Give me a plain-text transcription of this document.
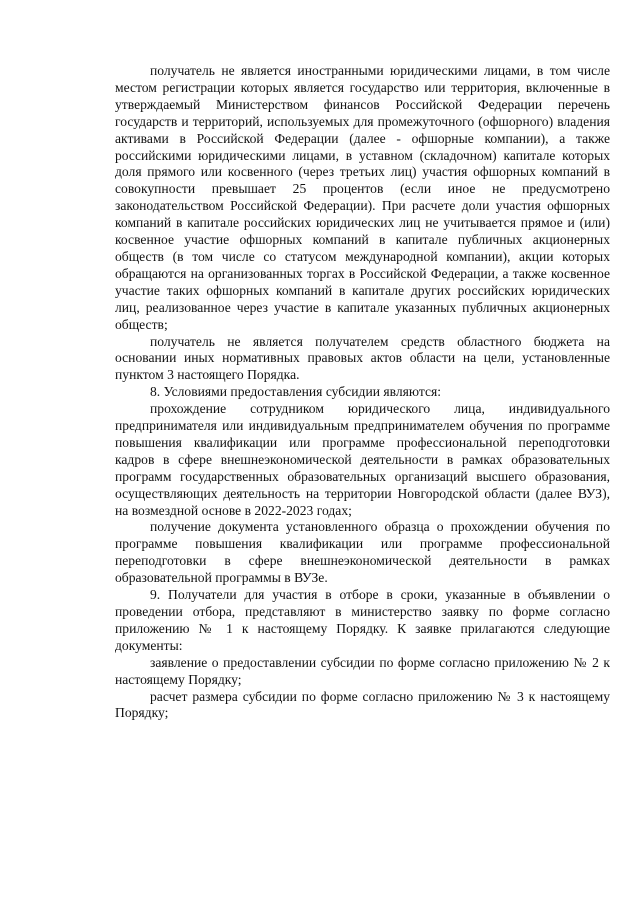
получатель не является иностранными юридическими лицами, в том числе местом регистрации которых является государство или территория, включенные в утверждаемый Министерством финансов Российской Федерации перечень государств и территорий, используемых для промежуточного (офшорного) владения активами в Российской Федерации (далее - офшорные компании), а также российскими юридическими лицами, в уставном (складочном) капитале которых доля прямого или косвенного (через третьих лиц) участия офшорных компаний в совокупности превышает 25 процентов (если иное не предусмотрено законодательством Российской Федерации). При расчете доли участия офшорных компаний в капитале российских юридических лиц не учитывается прямое и (или) косвенное участие офшорных компаний в капитале публичных акционерных обществ (в том числе со статусом международной компании), акции которых обращаются на организованных торгах в Российской Федерации, а также косвенное участие таких офшорных компаний в капитале других российских юридических лиц, реализованное через участие в капитале указанных публичных акционерных обществ;

получатель не является получателем средств областного бюджета на основании иных нормативных правовых актов области на цели, установленные пунктом 3 настоящего Порядка.

8. Условиями предоставления субсидии являются:

прохождение сотрудником юридического лица, индивидуального предпринимателя или индивидуальным предпринимателем обучения по программе повышения квалификации или программе профессиональной переподготовки кадров в сфере внешнеэкономической деятельности в рамках образовательных программ государственных образовательных организаций высшего образования, осуществляющих деятельность на территории Новгородской области (далее ВУЗ), на возмездной основе в 2022-2023 годах;

получение документа установленного образца о прохождении обучения по программе повышения квалификации или программе профессиональной переподготовки в сфере внешнеэкономической деятельности в рамках образовательной программы в ВУЗе.

9. Получатели для участия в отборе в сроки, указанные в объявлении о проведении отбора, представляют в министерство заявку по форме согласно приложению № 1 к настоящему Порядку. К заявке прилагаются следующие документы:

заявление о предоставлении субсидии по форме согласно приложению № 2 к настоящему Порядку;

расчет размера субсидии по форме согласно приложению № 3 к настоящему Порядку;
